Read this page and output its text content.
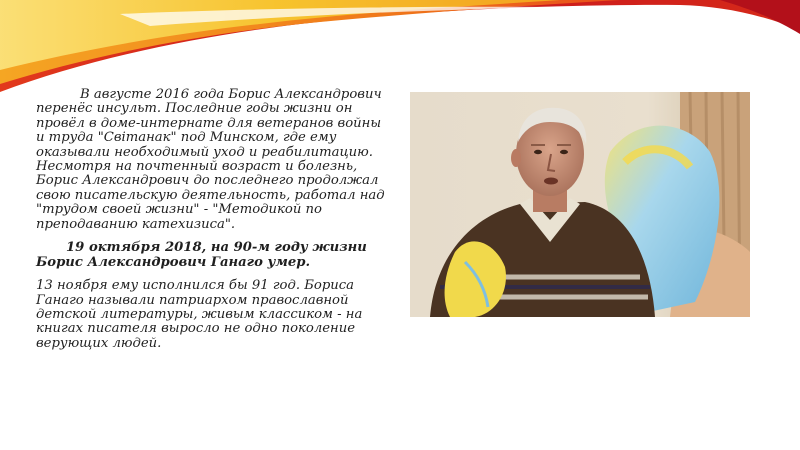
В августе 2016 года Борис Александрович перенёс инсульт. Последние годы жизни он провёл в доме-интернате для ветеранов войны и труда "Світанак" под Минском, где ему оказывали необходимый уход и реабилитацию. Несмотря на почтенный возраст и болезнь, Борис Александрович до последнего продолжал свою писательскую деятельность, работал над "трудом своей жизни" - "Методикой по преподаванию катехизиса".

19 октября 2018, на 90-м году жизни Борис Александрович Ганаго умер.

13 ноября ему исполнился бы 91 год. Бориса Ганаго называли патриархом православной детской литературы, живым классиком - на книгах писателя выросло не одно поколение верующих людей.
